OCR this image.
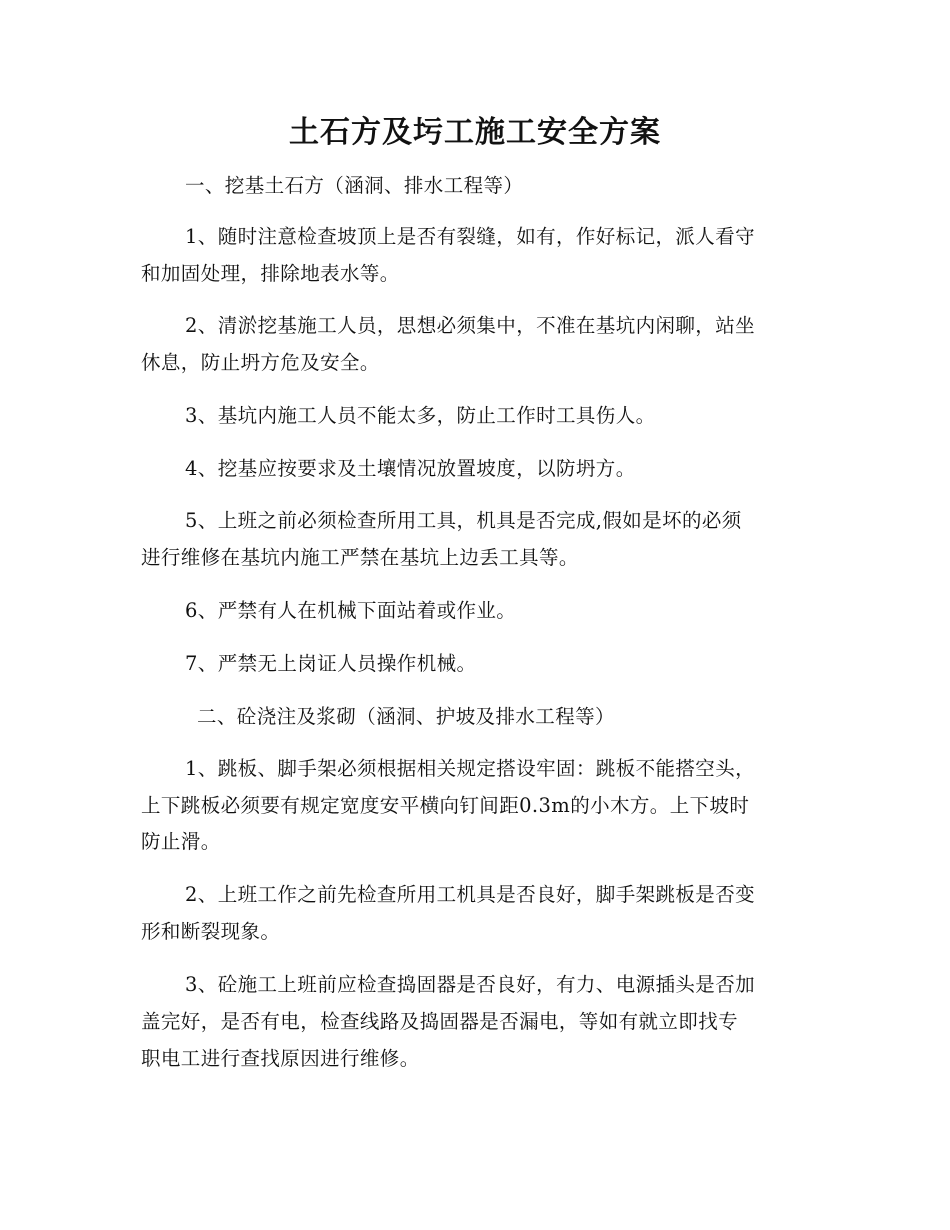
土石方及圬工施工安全方案
一、挖基土石方（涵洞、排水工程等）
1、随时注意检查坡顶上是否有裂缝，如有，作好标记，派人看守
和加固处理，排除地表水等。
2、清淤挖基施工人员，思想必须集中，不准在基坑内闲聊，站坐
休息，防止坍方危及安全。
3、基坑内施工人员不能太多，防止工作时工具伤人。
4、挖基应按要求及土壤情况放置坡度，以防坍方。
5、上班之前必须检查所用工具，机具是否完成,假如是坏的必须
进行维修在基坑内施工严禁在基坑上边丢工具等。
6、严禁有人在机械下面站着或作业。
7、严禁无上岗证人员操作机械。
二、砼浇注及浆砌（涵洞、护坡及排水工程等）
1、跳板、脚手架必须根据相关规定搭设牢固：跳板不能搭空头，
上下跳板必须要有规定宽度安平横向钉间距0.3m的小木方。上下坡时
防止滑。
2、上班工作之前先检查所用工机具是否良好，脚手架跳板是否变
形和断裂现象。
3、砼施工上班前应检查捣固器是否良好，有力、电源插头是否加
盖完好，是否有电，检查线路及捣固器是否漏电，等如有就立即找专
职电工进行查找原因进行维修。
